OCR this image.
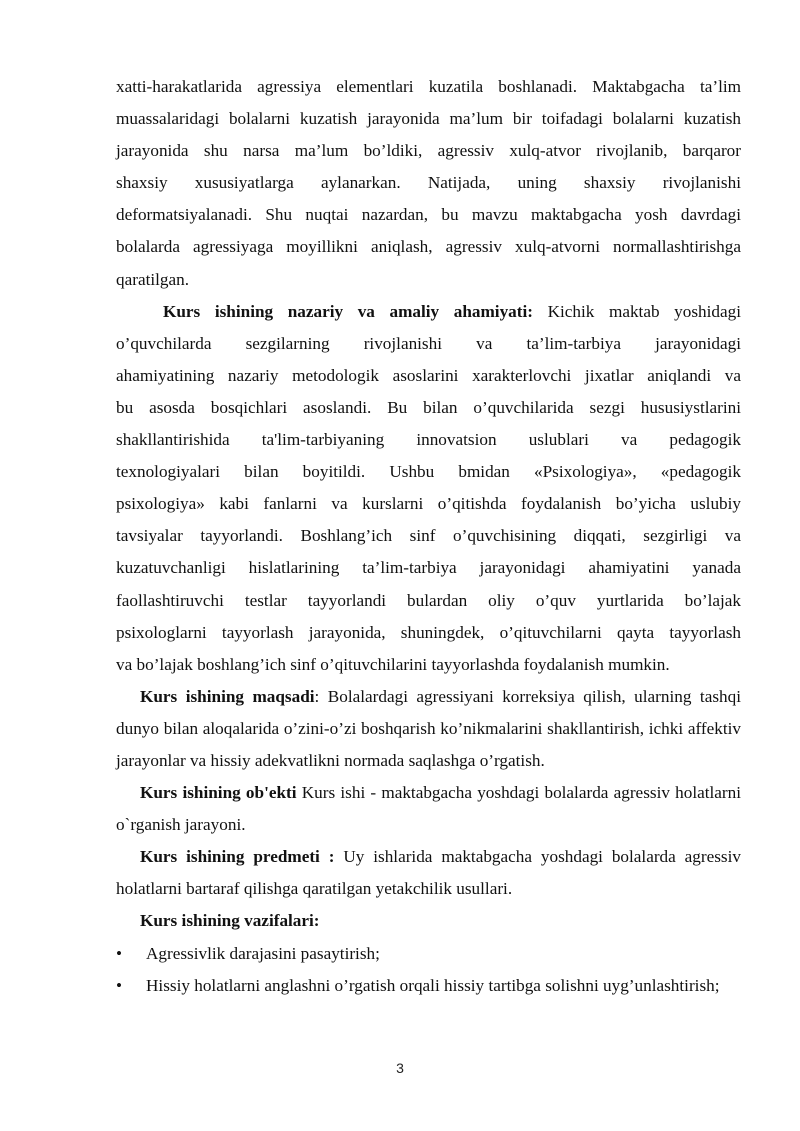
xatti-harakatlarida agressiya elementlari kuzatila boshlanadi. Maktabgacha ta’lim

muassalaridagi bolalarni kuzatish jarayonida ma’lum bir toifadagi bolalarni kuzatish

jarayonida shu narsa ma’lum bo’ldiki, agressiv xulq-atvor rivojlanib, barqaror

shaxsiy xususiyatlarga aylanarkan. Natijada, uning shaxsiy rivojlanishi

deformatsiyalanadi. Shu nuqtai nazardan, bu mavzu maktabgacha yosh davrdagi

bolalarda agressiyaga moyillikni aniqlash, agressiv xulq-atvorni normallashtirishga

qaratilgan.

Kurs ishining nazariy va amaliy ahamiyati: Kichik maktab yoshidagi

o’quvchilarda sezgilarning rivojlanishi va ta’lim-tarbiya jarayonidagi

ahamiyatining nazariy metodologik asoslarini xarakterlovchi jixatlar aniqlandi va

bu asosda bosqichlari asoslandi. Bu bilan o’quvchilarida sezgi hususiystlarini

shakllantirishida ta'lim-tarbiyaning innovatsion uslublari va pedagogik

texnologiyalari bilan boyitildi. Ushbu bmidan «Psixologiya», «pedagogik

psixologiya» kabi fanlarni va kurslarni o’qitishda foydalanish bo’yicha uslubiy

tavsiyalar tayyorlandi. Boshlang’ich sinf o’quvchisining diqqati, sezgirligi va

kuzatuvchanligi hislatlarining ta’lim-tarbiya jarayonidagi ahamiyatini yanada

faollashtiruvchi testlar tayyorlandi bulardan oliy o’quv yurtlarida bo’lajak

psixologlarni tayyorlash jarayonida, shuningdek, o’qituvchilarni qayta tayyorlash

va bo’lajak boshlang’ich sinf o’qituvchilarini tayyorlashda foydalanish mumkin.

Kurs ishining maqsadi: Bolalardagi agressiyani korreksiya qilish, ularning tashqi dunyo bilan aloqalarida o’zini-o’zi boshqarish ko’nikmalarini shakllantirish, ichki affektiv jarayonlar va hissiy adekvatlikni normada saqlashga o’rgatish.

Kurs ishining ob'ekti Kurs ishi - maktabgacha yoshdagi bolalarda agressiv holatlarni o`rganish jarayoni.

Kurs ishining predmeti : Uy ishlarida maktabgacha yoshdagi bolalarda agressiv holatlarni bartaraf qilishga qaratilgan yetakchilik usullari.

Kurs ishining vazifalari:

•	Agressivlik darajasini pasaytirish;
• Hissiy holatlarni anglashni o’rgatish orqali hissiy tartibga solishni uyg’unlashtirish;
3
